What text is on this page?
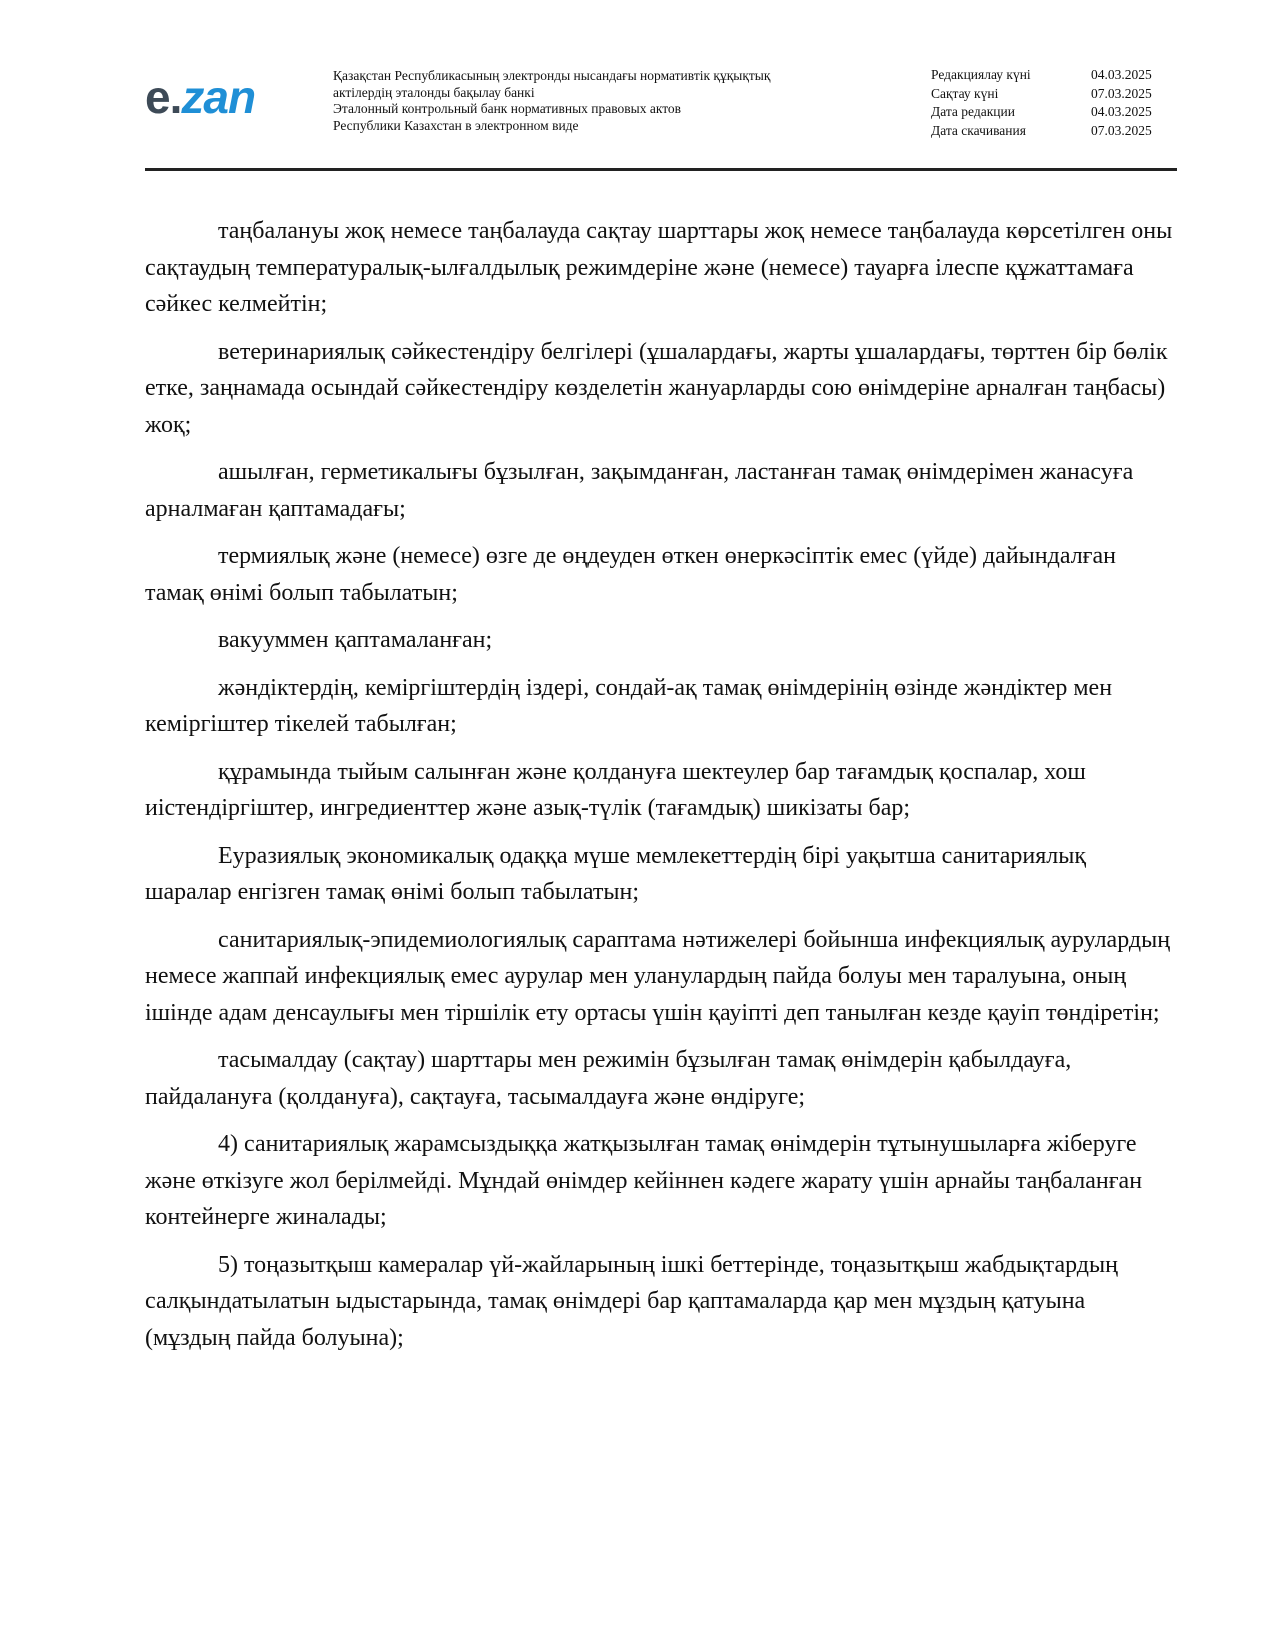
e.zan	Қазақстан Республикасының электронды нысандағы нормативтік құқықтық
актілердің эталонды бақылау банкі
Эталонный контрольный банк нормативных правовых актов
Республики Казахстан в электронном виде
Редакциялау күні	04.03.2025
Сақтау күні	07.03.2025
Дата редакции	04.03.2025
Дата скачивания	07.03.2025

таңбалануы жоқ немесе таңбалауда сақтау шарттары жоқ немесе таңбалауда көрсетілген оны сақтаудың температуралық-ылғалдылық режимдеріне және (немесе) тауарға ілеспе құжаттамаға сәйкес келмейтін;

ветеринариялық сәйкестендіру белгілері (ұшалардағы, жарты ұшалардағы, төрттен бір бөлік етке, заңнамада осындай сәйкестендіру көзделетін жануарларды сою өнімдеріне арналған таңбасы) жоқ;

ашылған, герметикалығы бұзылған, зақымданған, ластанған тамақ өнімдерімен жанасуға арналмаған қаптамадағы;

термиялық және (немесе) өзге де өңдеуден өткен өнеркәсіптік емес (үйде) дайындалған тамақ өнімі болып табылатын;

вакууммен қаптамаланған;

жәндіктердің, кеміргіштердің іздері, сондай-ақ тамақ өнімдерінің өзінде жәндіктер мен кеміргіштер тікелей табылған;

құрамында тыйым салынған және қолдануға шектеулер бар тағамдық қоспалар, хош иістендіргіштер, ингредиенттер және азық-түлік (тағамдық) шикізаты бар;

Еуразиялық экономикалық одаққа мүше мемлекеттердің бірі уақытша санитариялық шаралар енгізген тамақ өнімі болып табылатын;

санитариялық-эпидемиологиялық сараптама нәтижелері бойынша инфекциялық аурулардың немесе жаппай инфекциялық емес аурулар мен уланулардың пайда болуы мен таралуына, оның ішінде адам денсаулығы мен тіршілік ету ортасы үшін қауіпті деп танылған кезде қауіп төндіретін;

тасымалдау (сақтау) шарттары мен режимін бұзылған тамақ өнімдерін қабылдауға, пайдалануға (қолдануға), сақтауға, тасымалдауға және өндіруге;

4) санитариялық жарамсыздыққа жатқызылған тамақ өнімдерін тұтынушыларға жіберуге және өткізуге жол берілмейді. Мұндай өнімдер кейіннен кәдеге жарату үшін арнайы таңбаланған контейнерге жиналады;

5) тоңазытқыш камералар үй-жайларының ішкі беттерінде, тоңазытқыш жабдықтардың салқындатылатын ыдыстарында, тамақ өнімдері бар қаптамаларда қар мен мұздың қатуына (мұздың пайда болуына);
